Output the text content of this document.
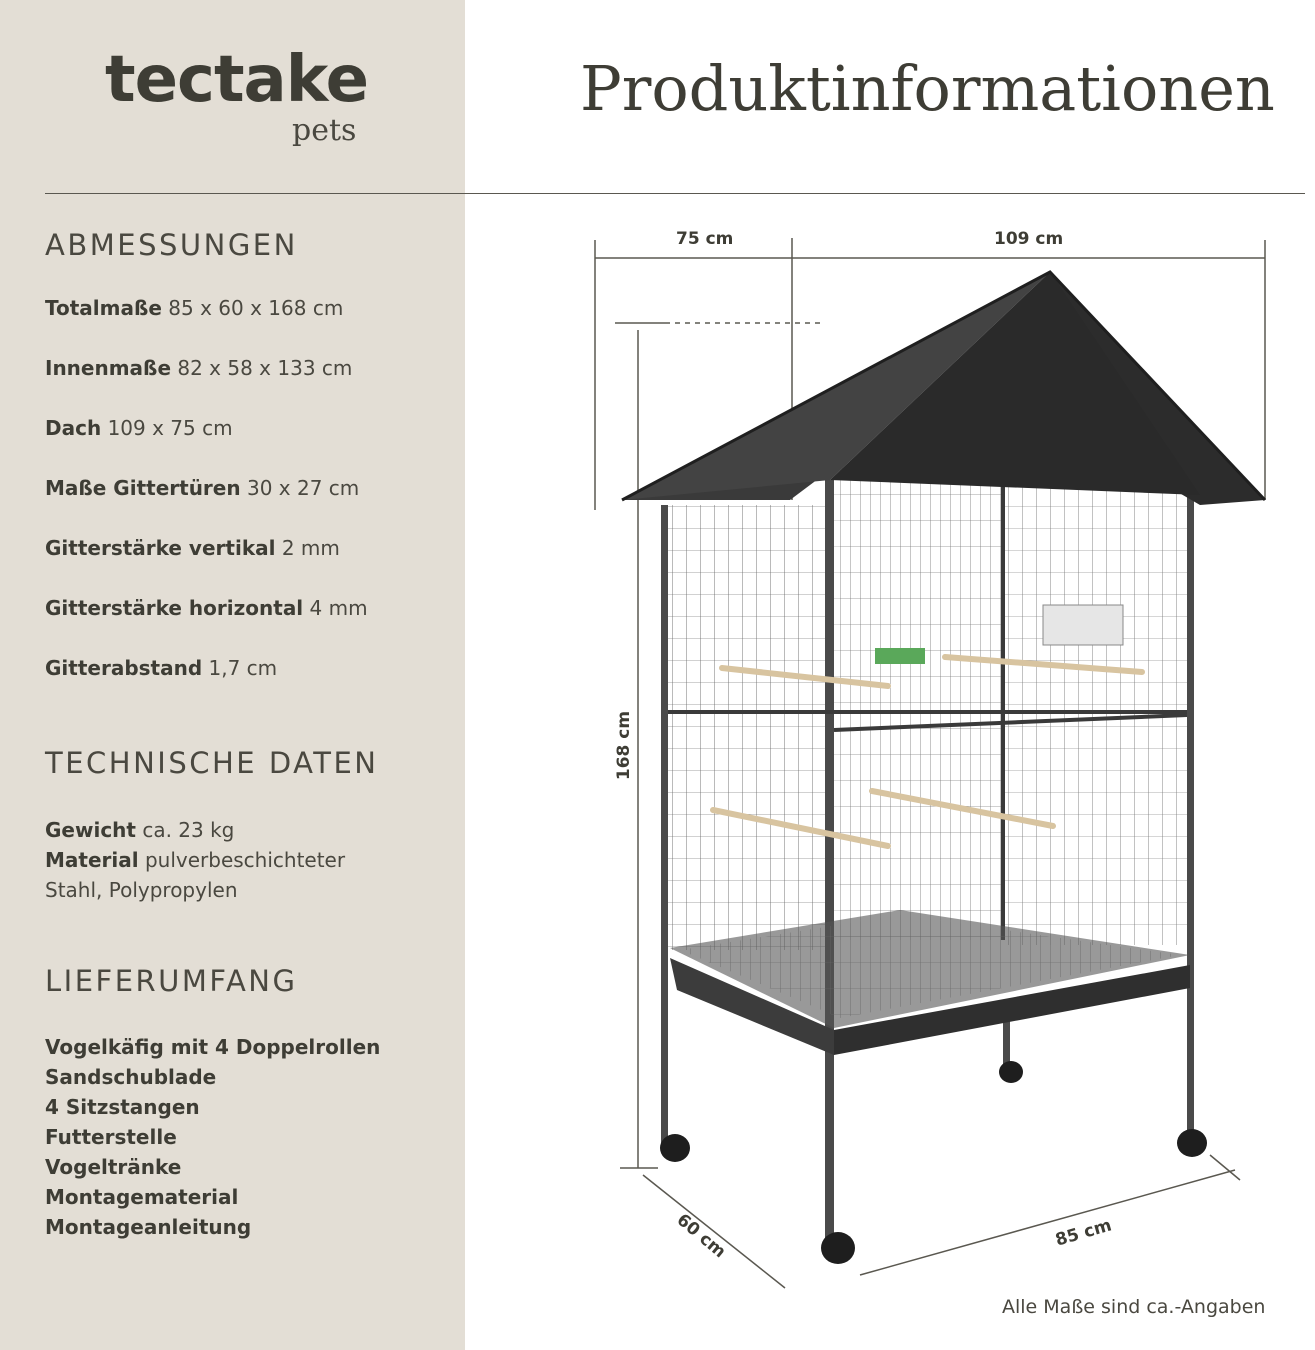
tectake
pets
Produktinformationen
ABMESSUNGEN
Totalmaße 85 x 60 x 168 cm
Innenmaße 82 x 58 x 133 cm
Dach 109 x 75 cm
Maße Gittertüren 30 x 27 cm
Gitterstärke vertikal 2 mm
Gitterstärke horizontal 4 mm
Gitterabstand 1,7 cm
TECHNISCHE DATEN
Gewicht ca. 23 kg
Material pulverbeschichteter
Stahl, Polypropylen
LIEFERUMFANG
Vogelkäfig mit 4 Doppelrollen
Sandschublade
4 Sitzstangen
Futterstelle
Vogeltränke
Montagematerial
Montageanleitung
75 cm	109 cm
168 cm
60 cm	85 cm
Alle Maße sind ca.-Angaben
